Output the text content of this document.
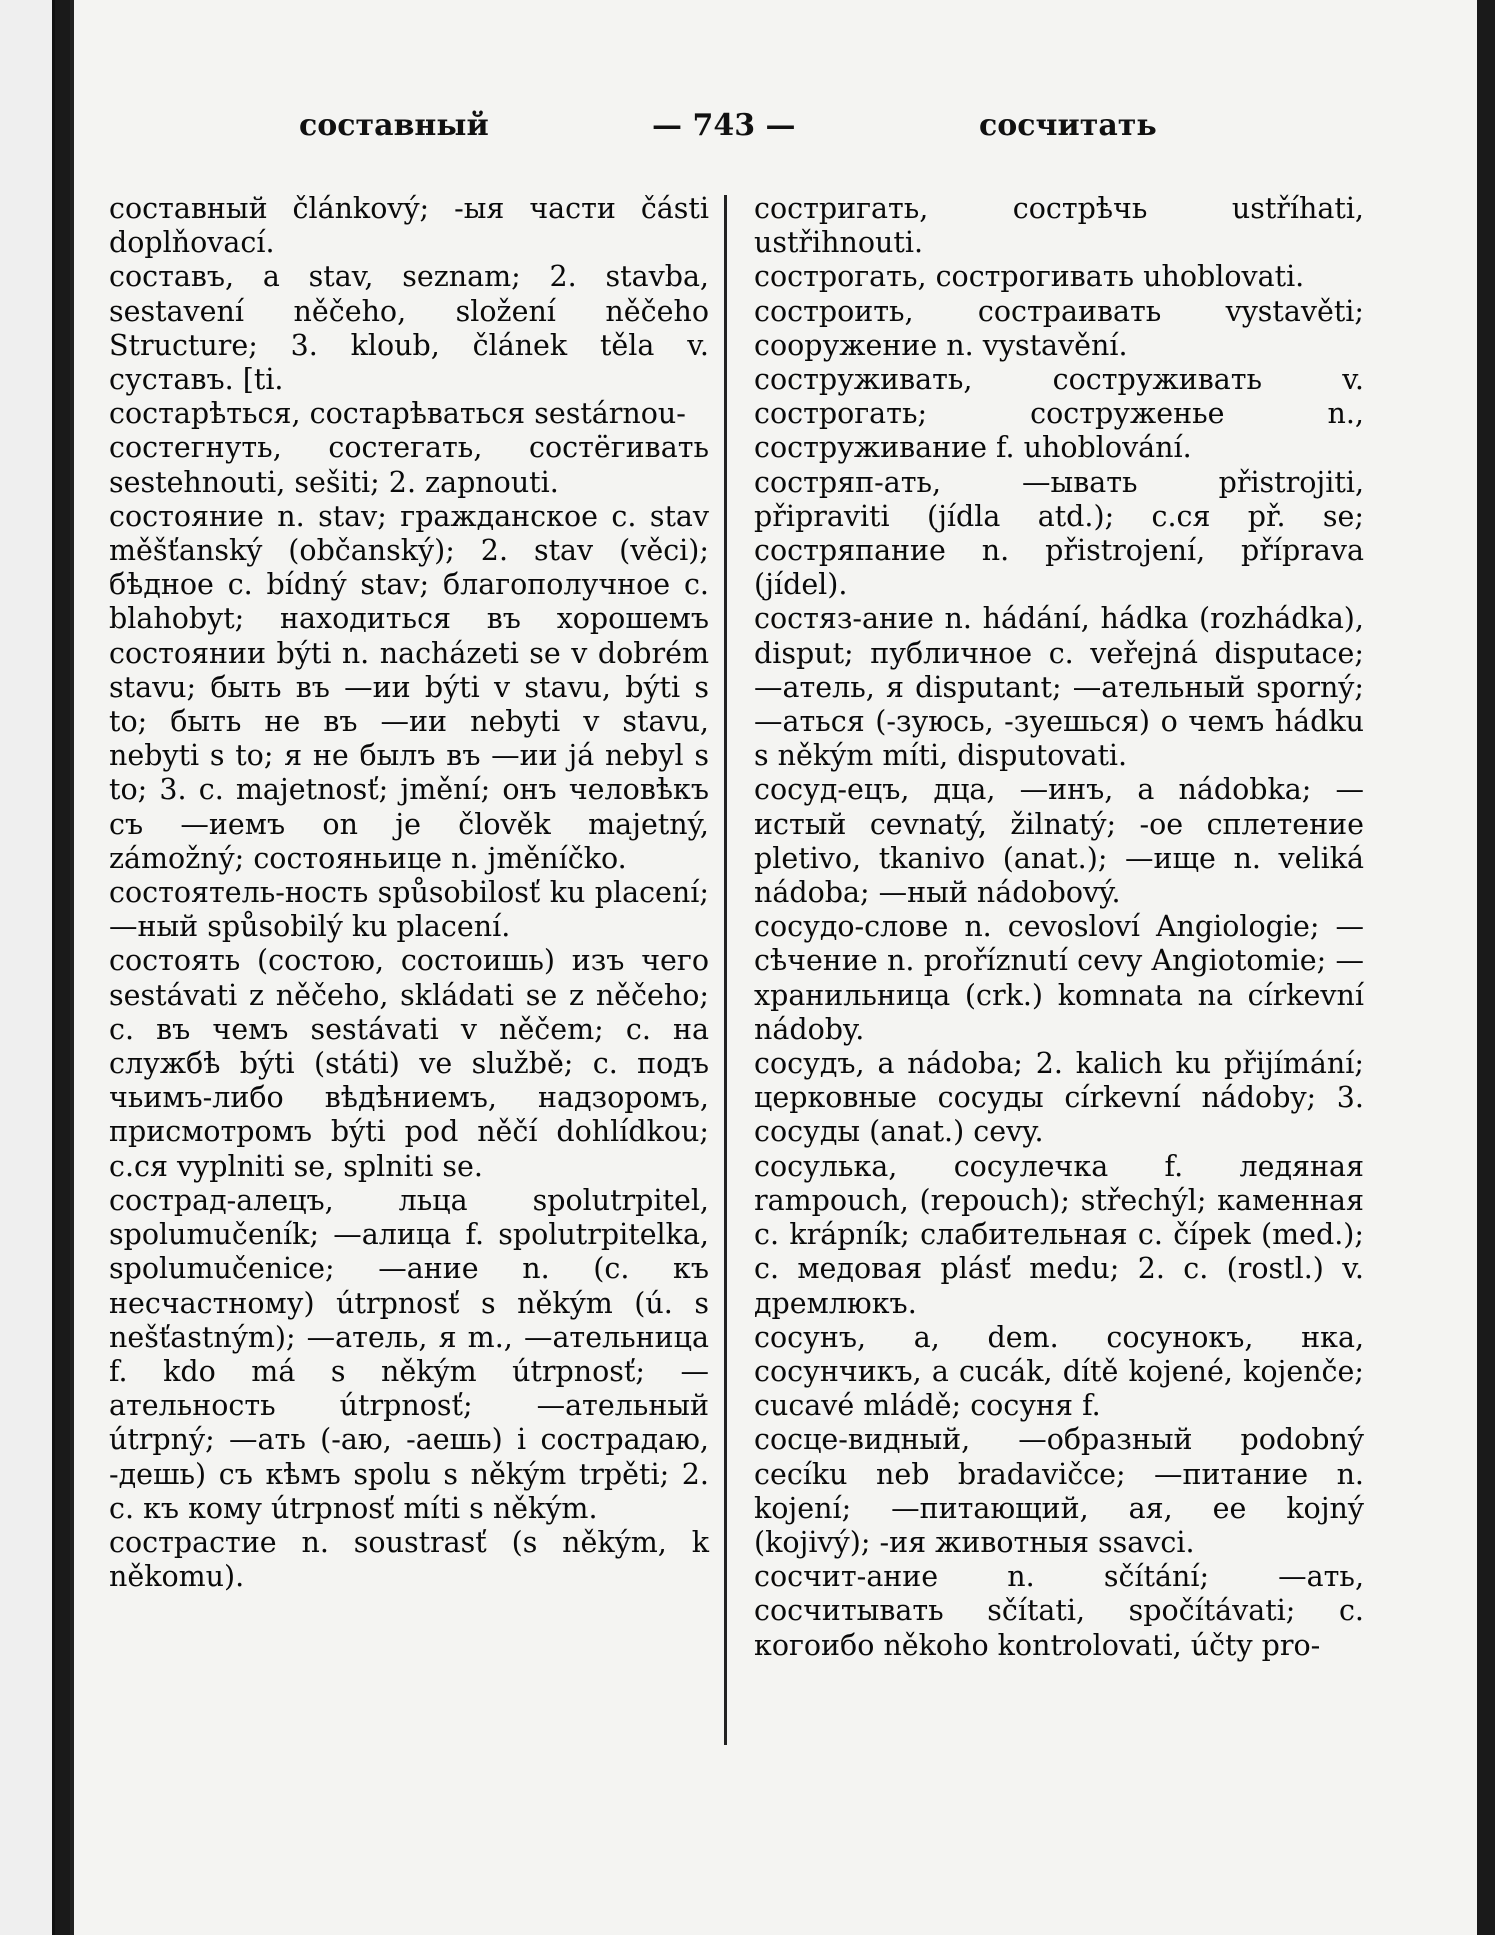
составный	— 743 —	сосчитать

составный článkový; -ыя части části doplňovací.

составъ, а stav, seznam; 2. stavba, sestavení něčeho, složení něčeho Structure; 3. kloub, článek těla v. суставъ. [ti.

состарѣться, состарѣваться sestárnou-

состегнуть, состегать, состёгивать sestehnouti, sešiti; 2. zapnouti.

состояние n. stav; гражданское с. stav měšťanský (občanský); 2. stav (věci); бѣдное с. bídný stav; благополучное с. blahobyt; находиться въ хорошемъ состоянии býti n. nacházeti se v dobrém stavu; быть въ —ии býti v stavu, býti s to; быть не въ —ии nebyti v stavu, nebyti s to; я не былъ въ —ии já nebyl s to; 3. c. majetnosť; jmění; онъ человѣкъ съ —иемъ on je člověk majetný, zámožný; состояньице n. jměníčko.

состоятель-ность spůsobilosť ku placení; —ный spůsobilý ku placení.

состоять (состою, состоишь) изъ чего sestávati z něčeho, skládati se z něčeho; c. въ чемъ sestávati v něčem; c. на службѣ býti (státi) ve službě; c. подъ чьимъ-либо вѣдѣниемъ, надзоромъ, присмотромъ býti pod něčí dohlídkou; с.ся vyplniti se, splniti se.

сострад-алецъ, льца spolutrpitel, spolumučeník; —алица f. spolutrpitelka, spolumučenice; —ание n. (c. къ несчастному) útrpnosť s někým (ú. s nešťastným); —атель, я m., —ательница f. kdo má s někým útrpnosť; —ательность útrpnosť; —ательный útrpný; —ать (-аю, -аешь) i сострадаю, -дешь) съ кѣмъ spolu s někým trpěti; 2. c. къ кому útrpnosť míti s někým.

сострастие n. soustrasť (s někým, k někomu).

состригать, сострѣчь ustříhati, ustřihnouti.

сострогать, сострогивать uhoblovati.

состроить, состраивать vystavěti; сооружение n. vystavění.

соструживать, соструживать v. сострогать; соструженье n., соструживание f. uhoblování.

состряп-ать, —ывать přistrojiti, připraviti (jídla atd.); с.ся př. se; состряпание n. přistrojení, příprava (jídel).

состяз-ание n. hádání, hádka (rozhádka), disput; публичное c. veřejná disputace; —атель, я disputant; —ательный sporný; —аться (-зуюсь, -зуешься) о чемъ hádku s někým míti, disputovati.

сосуд-ецъ, дца, —инъ, а nádobka; —истый cevnatý, žilnatý; -ое сплетение pletivo, tkanivo (anat.); —ище n. veliká nádoba; —ный nádobový.

сосудо-слове n. cevosloví Angiologie; —сѣчение n. proříznutí cevy Angiotomie; —хранильница (crk.) komnata na církevní nádoby.

сосудъ, а nádoba; 2. kalich ku přijímání; церковные сосуды církevní nádoby; 3. сосуды (anat.) cevy.

сосулька, сосулечка f. ледяная rampouch, (repouch); střechýl; каменная c. krápník; слабительная c. čípek (med.); c. медовая plásť medu; 2. c. (rostl.) v. дремлюкъ.

сосунъ, а, dem. сосунокъ, нка, сосунчикъ, а cucák, dítě kojené, kojenče; cucavé mládě; сосуня f.

сосце-видный, —образный podobný cecíku neb bradavičce; —питание n. kojení; —питающий, ая, ее kojný (kojivý); -ия животныя ssavci.

сосчит-ание n. sčítání; —ать, сосчитывать sčítati, spočítávati; c. когоибо někoho kontrolovati, účty pro-
